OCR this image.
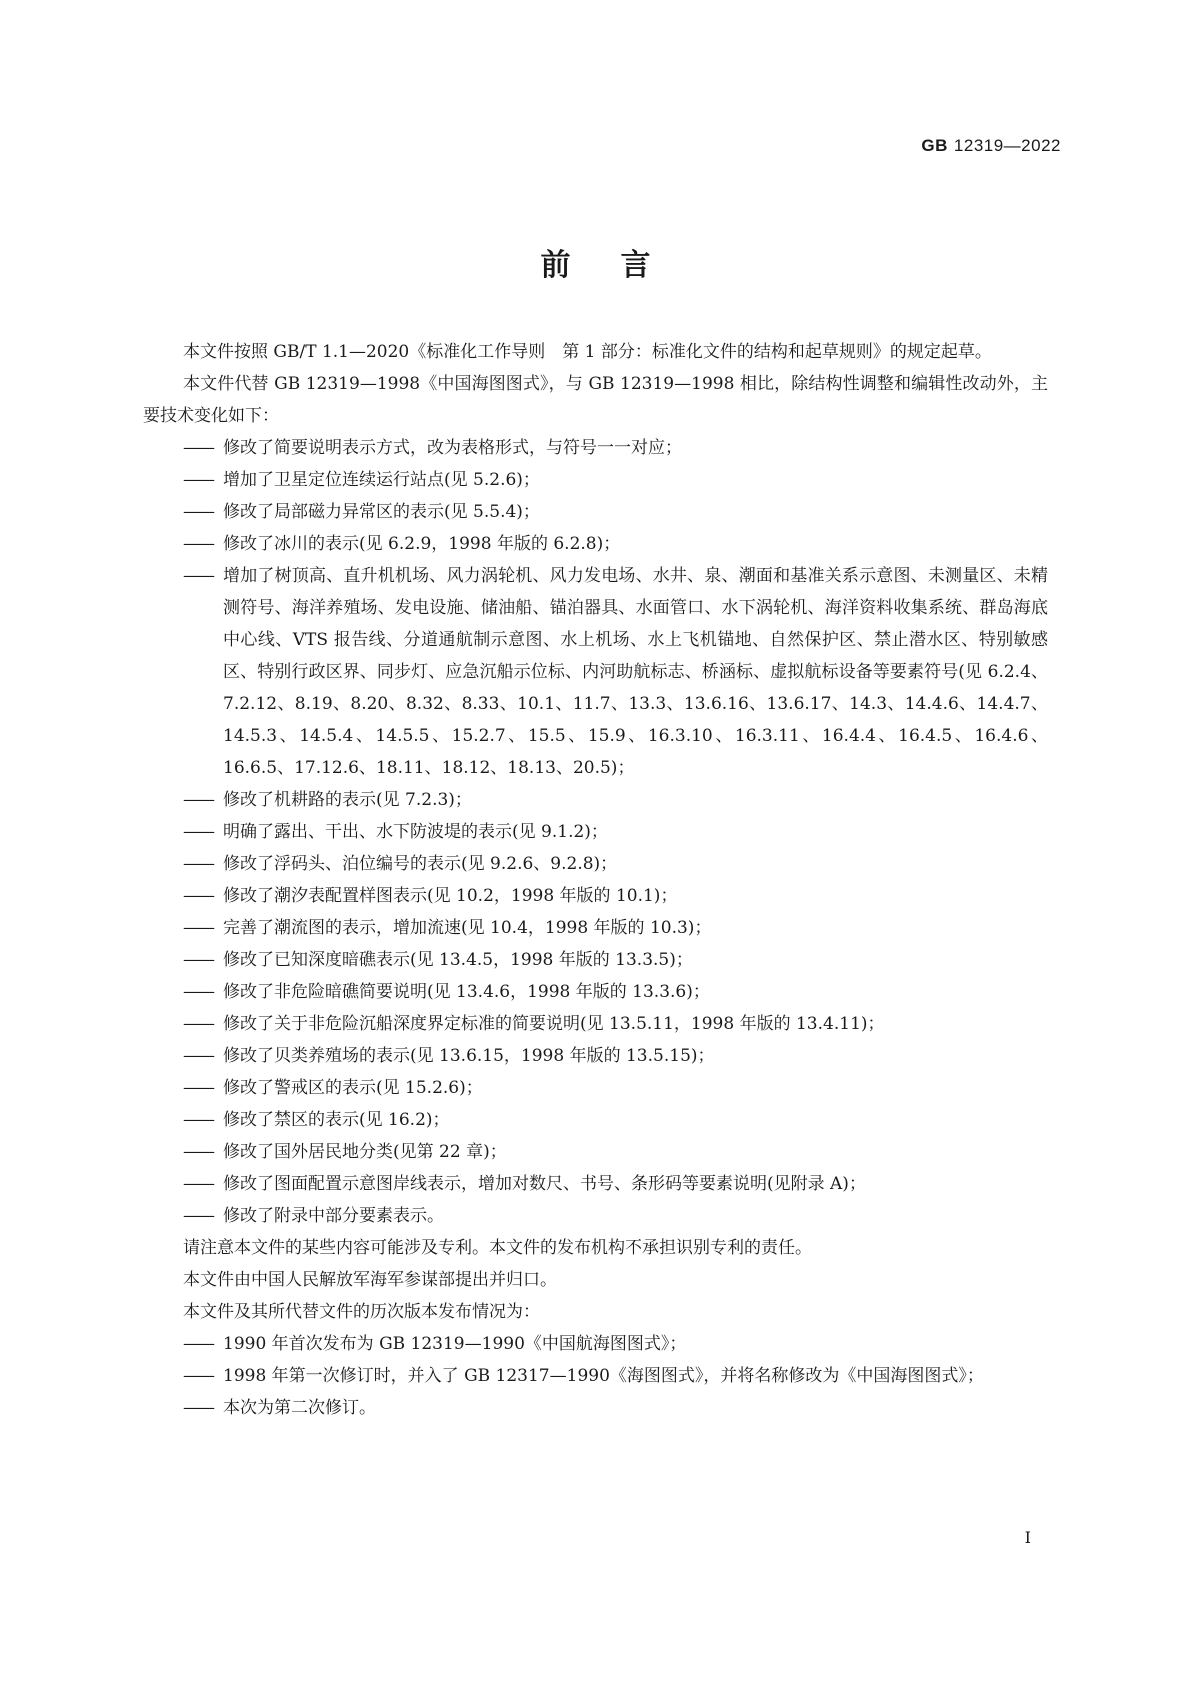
GB 12319—2022
前言

本文件按照 GB/T 1.1—2020《标准化工作导则　第 1 部分：标准化文件的结构和起草规则》的规定起草。

本文件代替 GB 12319—1998《中国海图图式》，与 GB 12319—1998 相比，除结构性调整和编辑性改动外，主要技术变化如下：

—— 修改了简要说明表示方式，改为表格形式，与符号一一对应；

—— 增加了卫星定位连续运行站点(见 5.2.6)；

—— 修改了局部磁力异常区的表示(见 5.5.4)；

—— 修改了冰川的表示(见 6.2.9，1998 年版的 6.2.8)；

—— 增加了树顶高、直升机机场、风力涡轮机、风力发电场、水井、泉、潮面和基准关系示意图、未测量区、未精测符号、海洋养殖场、发电设施、储油船、锚泊器具、水面管口、水下涡轮机、海洋资料收集系统、群岛海底中心线、VTS 报告线、分道通航制示意图、水上机场、水上飞机锚地、自然保护区、禁止潜水区、特别敏感区、特别行政区界、同步灯、应急沉船示位标、内河助航标志、桥涵标、虚拟航标设备等要素符号(见 6.2.4、7.2.12、8.19、8.20、8.32、8.33、10.1、11.7、13.3、13.6.16、13.6.17、14.3、14.4.6、14.4.7、14.5.3、14.5.4、14.5.5、15.2.7、15.5、15.9、16.3.10、16.3.11、16.4.4、16.4.5、16.4.6、16.6.5、17.12.6、18.11、18.12、18.13、20.5)；

—— 修改了机耕路的表示(见 7.2.3)；

—— 明确了露出、干出、水下防波堤的表示(见 9.1.2)；

—— 修改了浮码头、泊位编号的表示(见 9.2.6、9.2.8)；

—— 修改了潮汐表配置样图表示(见 10.2，1998 年版的 10.1)；

—— 完善了潮流图的表示，增加流速(见 10.4，1998 年版的 10.3)；

—— 修改了已知深度暗礁表示(见 13.4.5，1998 年版的 13.3.5)；

—— 修改了非危险暗礁简要说明(见 13.4.6，1998 年版的 13.3.6)；

—— 修改了关于非危险沉船深度界定标准的简要说明(见 13.5.11，1998 年版的 13.4.11)；

—— 修改了贝类养殖场的表示(见 13.6.15，1998 年版的 13.5.15)；

—— 修改了警戒区的表示(见 15.2.6)；

—— 修改了禁区的表示(见 16.2)；

—— 修改了国外居民地分类(见第 22 章)；

—— 修改了图面配置示意图岸线表示，增加对数尺、书号、条形码等要素说明(见附录 A)；

—— 修改了附录中部分要素表示。

请注意本文件的某些内容可能涉及专利。本文件的发布机构不承担识别专利的责任。

本文件由中国人民解放军海军参谋部提出并归口。

本文件及其所代替文件的历次版本发布情况为：

—— 1990 年首次发布为 GB 12319—1990《中国航海图图式》；

—— 1998 年第一次修订时，并入了 GB 12317—1990《海图图式》，并将名称修改为《中国海图图式》；

—— 本次为第二次修订。

I
